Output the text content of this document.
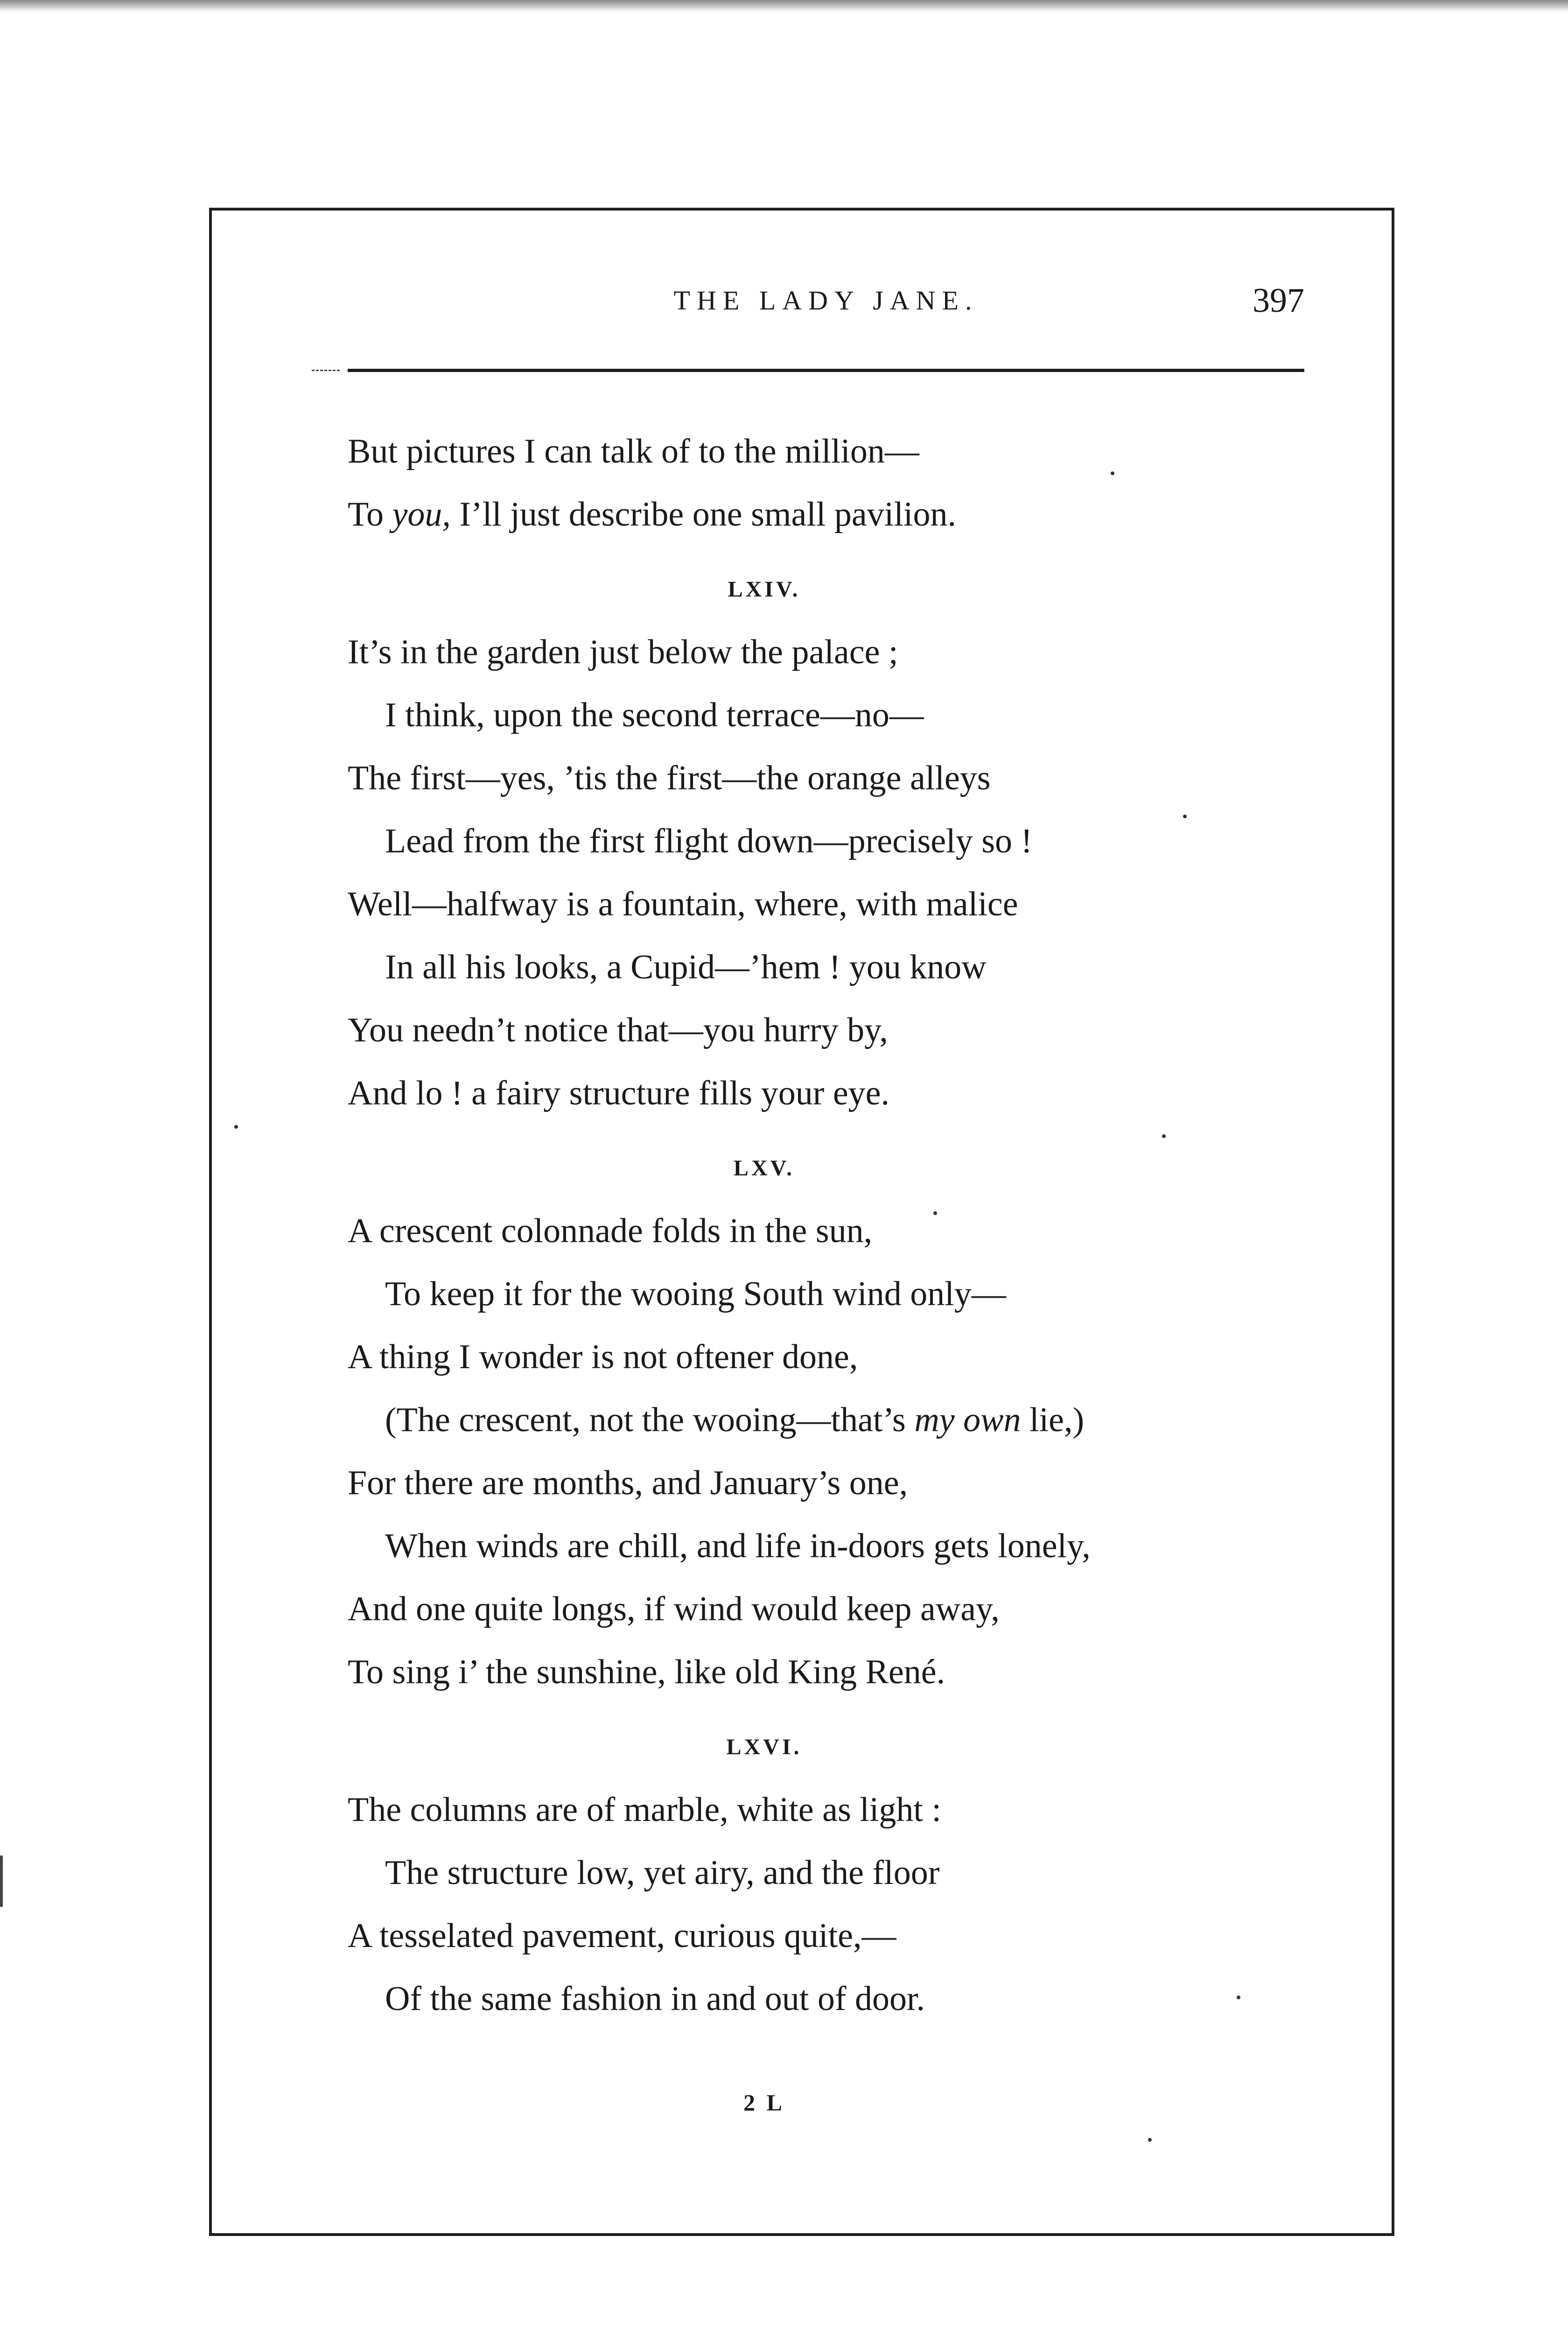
THE LADY JANE.	397
But pictures I can talk of to the million—
To you, I’ll just describe one small pavilion.
LXIV.
It’s in the garden just below the palace ;
I think, upon the second terrace—no—
The first—yes, ’tis the first—the orange alleys
Lead from the first flight down—precisely so !
Well—halfway is a fountain, where, with malice
In all his looks, a Cupid—’hem ! you know
You needn’t notice that—you hurry by,
And lo ! a fairy structure fills your eye.
LXV.
A crescent colonnade folds in the sun,
To keep it for the wooing South wind only—
A thing I wonder is not oftener done,
(The crescent, not the wooing—that’s my own lie,)
For there are months, and January’s one,
When winds are chill, and life in-doors gets lonely,
And one quite longs, if wind would keep away,
To sing i’ the sunshine, like old King René.
LXVI.
The columns are of marble, white as light :
The structure low, yet airy, and the floor
A tesselated pavement, curious quite,—
Of the same fashion in and out of door.
2 L
